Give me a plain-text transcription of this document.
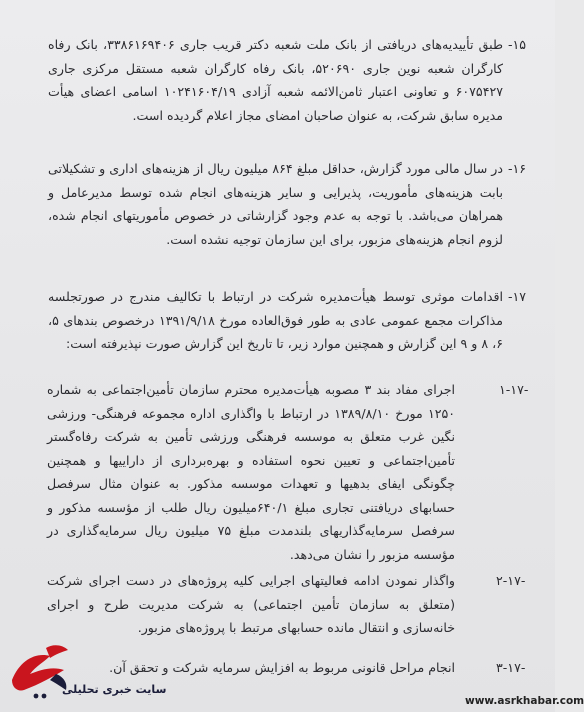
-۱۵
طبق تأییدیه‌های دریافتی از بانک ملت شعبه دکتر قریب جاری ۳۳۸۶۱۶۹۴۰۶، بانک رفاه کارگران شعبه نوین جاری ۵۲۰۶۹۰، بانک رفاه کارگران شعبه مستقل مرکزی جاری ۶۰۷۵۴۲۷ و تعاونی اعتبار ثامن‌الائمه شعبه آزادی ۱۰۲۴۱۶۰۴/۱۹ اسامی اعضای هیأت مدیره سابق شرکت، به عنوان صاحبان امضای مجاز اعلام گردیده است.
-۱۶
در سال مالی مورد گزارش، حداقل مبلغ ۸۶۴ میلیون ریال از هزینه‌های اداری و تشکیلاتی بابت هزینه‌های مأموریت، پذیرایی و سایر هزینه‌های انجام شده توسط مدیرعامل و همراهان می‌باشد. با توجه به عدم وجود گزارشاتی در خصوص مأموریتهای انجام شده، لزوم انجام هزینه‌های مزبور، برای این سازمان توجیه نشده است.
-۱۷
اقدامات موثری توسط هیأت‌مدیره شرکت در ارتباط با تکالیف مندرج در صورتجلسه مذاکرات مجمع عمومی عادی به طور فوق‌العاده مورخ ۱۳۹۱/۹/۱۸ درخصوص بندهای ۵، ۶، ۸ و ۹ این گزارش و همچنین موارد زیر، تا تاریخ این گزارش صورت نپذیرفته است:
۱-۱۷-
اجرای مفاد بند ۳ مصوبه هیأت‌مدیره محترم سازمان تأمین‌اجتماعی به شماره ۱۲۵۰ مورخ ۱۳۸۹/۸/۱۰ در ارتباط با واگذاری اداره مجموعه فرهنگی- ورزشی نگین غرب متعلق به موسسه فرهنگی ورزشی تأمین به شرکت رفاه‌گستر تأمین‌اجتماعی و تعیین نحوه استفاده و بهره‌برداری از داراییها و همچنین چگونگی ایفای بدهیها و تعهدات موسسه مذکور. به عنوان مثال سرفصل حسابهای دریافتنی تجاری مبلغ ۶۴۰/۱میلیون ریال طلب از مؤسسه مذکور و سرفصل سرمایه‌گذاریهای بلندمدت مبلغ ۷۵ میلیون ریال سرمایه‌گذاری در مؤسسه مزبور را نشان می‌دهد.
۲-۱۷-
واگذار نمودن ادامه فعالیتهای اجرایی کلیه پروژه‌های در دست اجرای شرکت (متعلق به سازمان تأمین اجتماعی) به شرکت مدیریت طرح و اجرای خانه‌سازی و انتقال مانده حسابهای مرتبط با پروژه‌های مزبور.
۳-۱۷-
انجام مراحل قانونی مربوط به افزایش سرمایه شرکت و تحقق آن.
سایت خبری تحلیلی
www.asrkhabar.com
